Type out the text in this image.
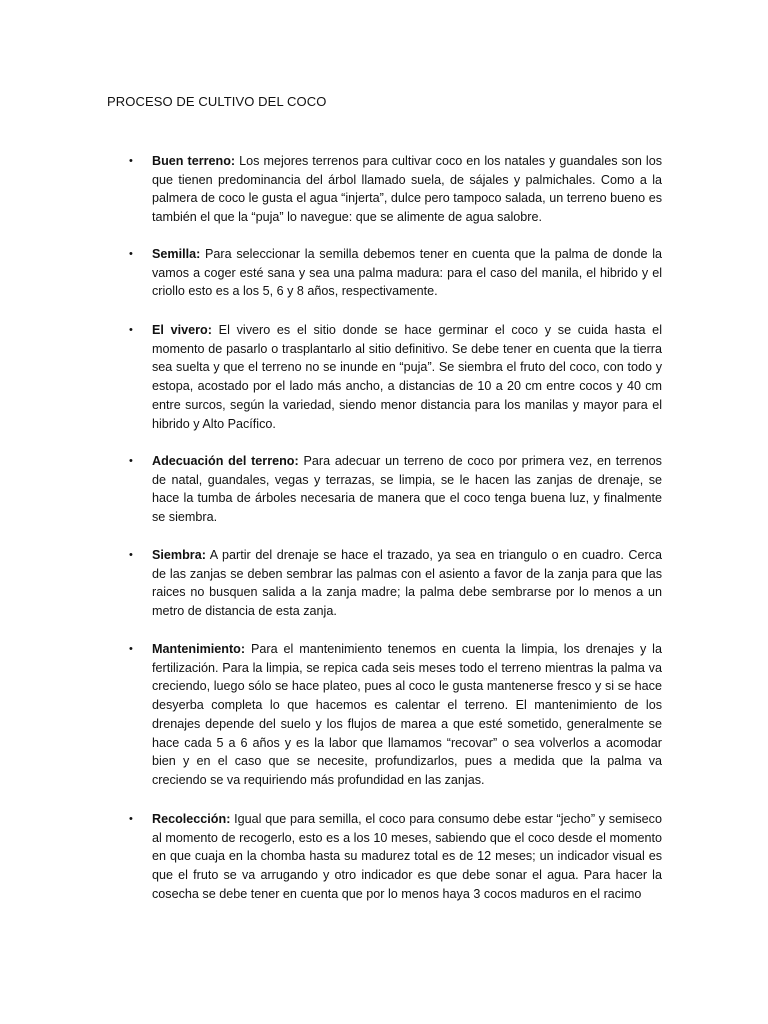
PROCESO DE CULTIVO DEL COCO
• Buen terreno: Los mejores terrenos para cultivar coco en los natales y guandales son los que tienen predominancia del árbol llamado suela, de sájales y palmichales. Como a la palmera de coco le gusta el agua “injerta”, dulce pero tampoco salada, un terreno bueno es también el que la “puja” lo navegue: que se alimente de agua salobre.

• Semilla: Para seleccionar la semilla debemos tener en cuenta que la palma de donde la vamos a coger esté sana y sea una palma madura: para el caso del manila, el hibrido y el criollo esto es a los 5, 6 y 8 años, respectivamente.

• El vivero: El vivero es el sitio donde se hace germinar el coco y se cuida hasta el momento de pasarlo o trasplantarlo al sitio definitivo. Se debe tener en cuenta que la tierra sea suelta y que el terreno no se inunde en “puja”. Se siembra el fruto del coco, con todo y estopa, acostado por el lado más ancho, a distancias de 10 a 20 cm entre cocos y 40 cm entre surcos, según la variedad, siendo menor distancia para los manilas y mayor para el hibrido y Alto Pacífico.

• Adecuación del terreno: Para adecuar un terreno de coco por primera vez, en terrenos de natal, guandales, vegas y terrazas, se limpia, se le hacen las zanjas de drenaje, se hace la tumba de árboles necesaria de manera que el coco tenga buena luz, y finalmente se siembra.

• Siembra: A partir del drenaje se hace el trazado, ya sea en triangulo o en cuadro. Cerca de las zanjas se deben sembrar las palmas con el asiento a favor de la zanja para que las raices no busquen salida a la zanja madre; la palma debe sembrarse por lo menos a un metro de distancia de esta zanja.

• Mantenimiento: Para el mantenimiento tenemos en cuenta la limpia, los drenajes y la fertilización. Para la limpia, se repica cada seis meses todo el terreno mientras la palma va creciendo, luego sólo se hace plateo, pues al coco le gusta mantenerse fresco y si se hace desyerba completa lo que hacemos es calentar el terreno. El mantenimiento de los drenajes depende del suelo y los flujos de marea a que esté sometido, generalmente se hace cada 5 a 6 años y es la labor que llamamos “recovar” o sea volverlos a acomodar bien y en el caso que se necesite, profundizarlos, pues a medida que la palma va creciendo se va requiriendo más profundidad en las zanjas.

• Recolección: Igual que para semilla, el coco para consumo debe estar “jecho” y semiseco al momento de recogerlo, esto es a los 10 meses, sabiendo que el coco desde el momento en que cuaja en la chomba hasta su madurez total es de 12 meses; un indicador visual es que el fruto se va arrugando y otro indicador es que debe sonar el agua. Para hacer la cosecha se debe tener en cuenta que por lo menos haya 3 cocos maduros en el racimo
